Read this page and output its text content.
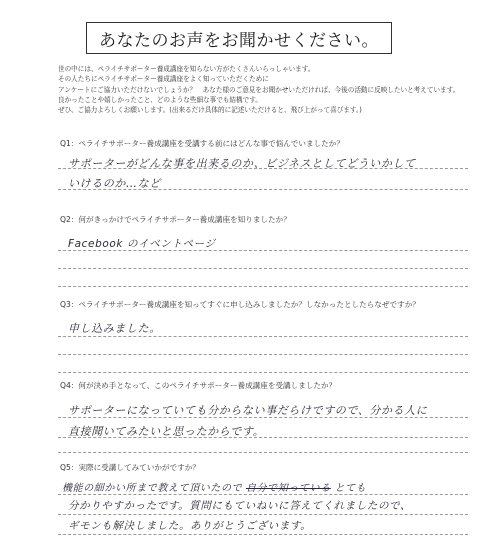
あなたのお声をお聞かせください。
世の中には、ペライチサポーター養成講座を知らない方がたくさんいらっしゃいます。
その人たちにペライチサポーター養成講座をよく知っていただくために
アンケートにご協力いただけないでしょうか？　あなた様のご意見をお聞かせいただければ、今後の活動に反映したいと考えています。
良かったことや嬉しかったこと、どのような些細な事でも結構です。
ぜひ、ご協力よろしくお願いします。(出来るだけ具体的に記述いただけると、飛び上がって喜びます。)
Q1：ペライチサポーター養成講座を受講する前にはどんな事で悩んでいましたか？
サポーターがどんな事を出来るのか、ビジネスとしてどういかして
いけるのか…など
Q2：何がきっかけでペライチサポーター養成講座を知りましたか？
Facebook のイベントページ
Q3：ペライチサポーター養成講座を知ってすぐに申し込みしましたか？しなかったとしたらなぜですか？
申し込みました。
Q4：何が決め手となって、このペライチサポーター養成講座を受講しましたか？
サポーターになっていても分からない事だらけですので、分かる人に
直接聞いてみたいと思ったからです。
Q5：実際に受講してみていかがですか？
機能の細かい所まで教えて頂いたので 自分で知っている とても
分かりやすかったです。質問にもていねいに答えてくれましたので、
ギモンも解決しました。ありがとうございます。
